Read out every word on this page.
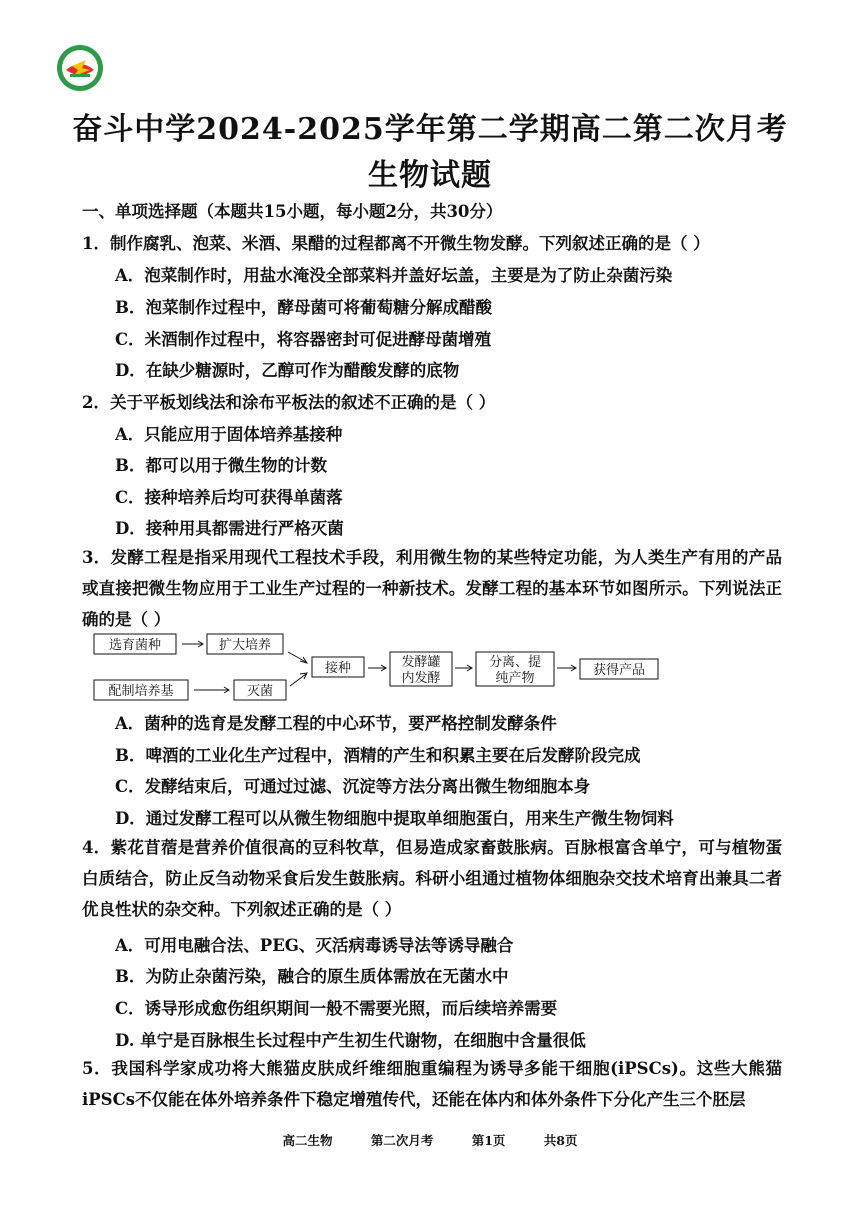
奋斗中学2024-2025学年第二学期高二第二次月考
生物试题
一、单项选择题（本题共15小题，每小题2分，共30分）
1．制作腐乳、泡菜、米酒、果醋的过程都离不开微生物发酵。下列叙述正确的是（ ）
A．泡菜制作时，用盐水淹没全部菜料并盖好坛盖，主要是为了防止杂菌污染
B．泡菜制作过程中，酵母菌可将葡萄糖分解成醋酸
C．米酒制作过程中，将容器密封可促进酵母菌增殖
D．在缺少糖源时，乙醇可作为醋酸发酵的底物
2．关于平板划线法和涂布平板法的叙述不正确的是（ ）
A．只能应用于固体培养基接种
B．都可以用于微生物的计数
C．接种培养后均可获得单菌落
D．接种用具都需进行严格灭菌
3．发酵工程是指采用现代工程技术手段，利用微生物的某些特定功能，为人类生产有用的产品或直接把微生物应用于工业生产过程的一种新技术。发酵工程的基本环节如图所示。下列说法正确的是（ ）
选育菌种	扩大培养
配制培养基	灭菌
接种	发酵罐
内发酵
分离、提
纯产物
获得产品
A．菌种的选育是发酵工程的中心环节，要严格控制发酵条件
B．啤酒的工业化生产过程中，酒精的产生和积累主要在后发酵阶段完成
C．发酵结束后，可通过过滤、沉淀等方法分离出微生物细胞本身
D．通过发酵工程可以从微生物细胞中提取单细胞蛋白，用来生产微生物饲料
4．紫花苜蓿是营养价值很高的豆科牧草，但易造成家畜鼓胀病。百脉根富含单宁，可与植物蛋白质结合，防止反刍动物采食后发生鼓胀病。科研小组通过植物体细胞杂交技术培育出兼具二者优良性状的杂交种。下列叙述正确的是（ ）
A．可用电融合法、PEG、灭活病毒诱导法等诱导融合
B．为防止杂菌污染，融合的原生质体需放在无菌水中
C．诱导形成愈伤组织期间一般不需要光照，而后续培养需要
D. 单宁是百脉根生长过程中产生初生代谢物，在细胞中含量很低
5．我国科学家成功将大熊猫皮肤成纤维细胞重编程为诱导多能干细胞(iPSCs)。这些大熊猫iPSCs不仅能在体外培养条件下稳定增殖传代，还能在体内和体外条件下分化产生三个胚层
高二生物	第二次月考	第1页	共8页
